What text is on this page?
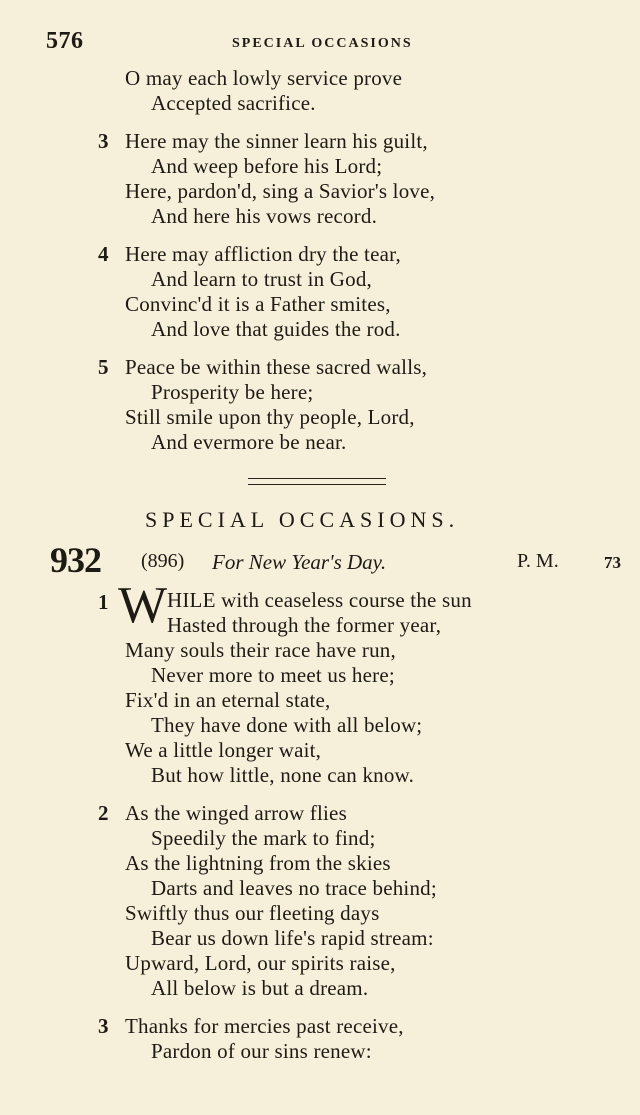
576	SPECIAL OCCASIONS
O may each lowly service prove
Accepted sacrifice.
3 Here may the sinner learn his guilt,
And weep before his Lord;
Here, pardon'd, sing a Savior's love,
And here his vows record.
4 Here may affliction dry the tear,
And learn to trust in God,
Convinc'd it is a Father smites,
And love that guides the rod.
5 Peace be within these sacred walls,
Prosperity be here;
Still smile upon thy people, Lord,
And evermore be near.
SPECIAL OCCASIONS.
932 (896) For New Year's Day.	P. M.	73
1 W HILE with ceaseless course the sun
Hasted through the former year,
Many souls their race have run,
Never more to meet us here;
Fix'd in an eternal state,
They have done with all below;
We a little longer wait,
But how little, none can know.
2 As the winged arrow flies
Speedily the mark to find;
As the lightning from the skies
Darts and leaves no trace behind;
Swiftly thus our fleeting days
Bear us down life's rapid stream:
Upward, Lord, our spirits raise,
All below is but a dream.
3 Thanks for mercies past receive,
Pardon of our sins renew:
